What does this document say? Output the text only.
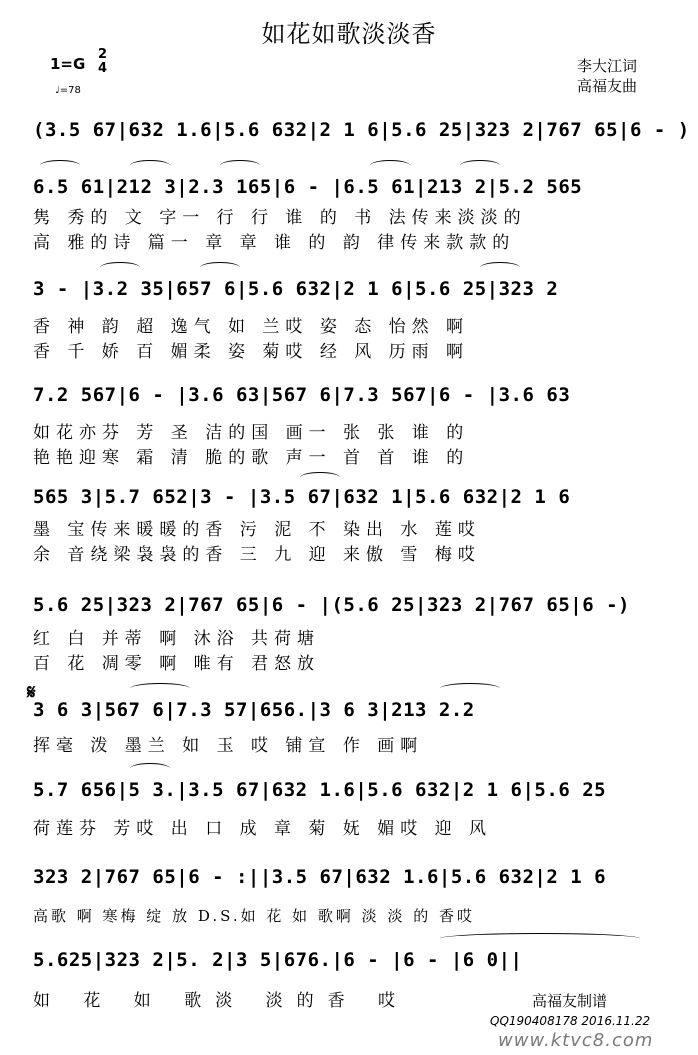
如花如歌淡淡香
1=G
2
4
♩=78
李大江词
高福友曲
(3.5 67|632 1.6|5.6 632|2 1 6|5.6 25|323 2|767 65|6 - )
6.5 61|212 3|2.3 165|6 - |6.5 61|213 2|5.2 565
隽 秀的 文 字一 行 行 谁 的 书 法传来淡淡的
高 雅的诗 篇一 章 章 谁 的 韵 律传来款款的
3 - |3.2 35|657 6|5.6 632|2 1 6|5.6 25|323 2
香 神 韵 超 逸气 如 兰哎 姿 态 怡然 啊
香 千 娇 百 媚柔 姿 菊哎 经 风 历雨 啊
7.2 567|6 - |3.6 63|567 6|7.3 567|6 - |3.6 63
如花亦芬 芳 圣 洁的国 画一 张 张 谁 的
艳艳迎寒 霜 清 脆的歌 声一 首 首 谁 的
565 3|5.7 652|3 - |3.5 67|632 1|5.6 632|2 1 6
墨 宝传来暖暖的香 污 泥 不 染出 水 莲哎
余 音绕梁袅袅的香 三 九 迎 来傲 雪 梅哎
5.6 25|323 2|767 65|6 - |(5.6 25|323 2|767 65|6 -)
红 白 并蒂 啊 沐浴 共荷塘
百 花 凋零 啊 唯有 君怒放
𝄋
3 6 3|567 6|7.3 57|656.|3 6 3|213 2.2
挥毫 泼 墨兰 如 玉 哎 铺宣 作 画啊
5.7 656|5 3.|3.5 67|632 1.6|5.6 632|2 1 6|5.6 25
荷莲芬 芳哎 出 口 成 章 菊 妩 媚哎 迎 风
323 2|767 65|6 - :||3.5 67|632 1.6|5.6 632|2 1 6
高歌 啊 寒梅 绽 放 D.S.如 花 如 歌啊 淡 淡 的 香哎
5.625|323 2|5. 2|3 5|676.|6 - |6 - |6 0||
如 花 如 歌淡 淡的香 哎	高福友制谱
QQ190408178 2016.11.22
www.ktvc8.com
